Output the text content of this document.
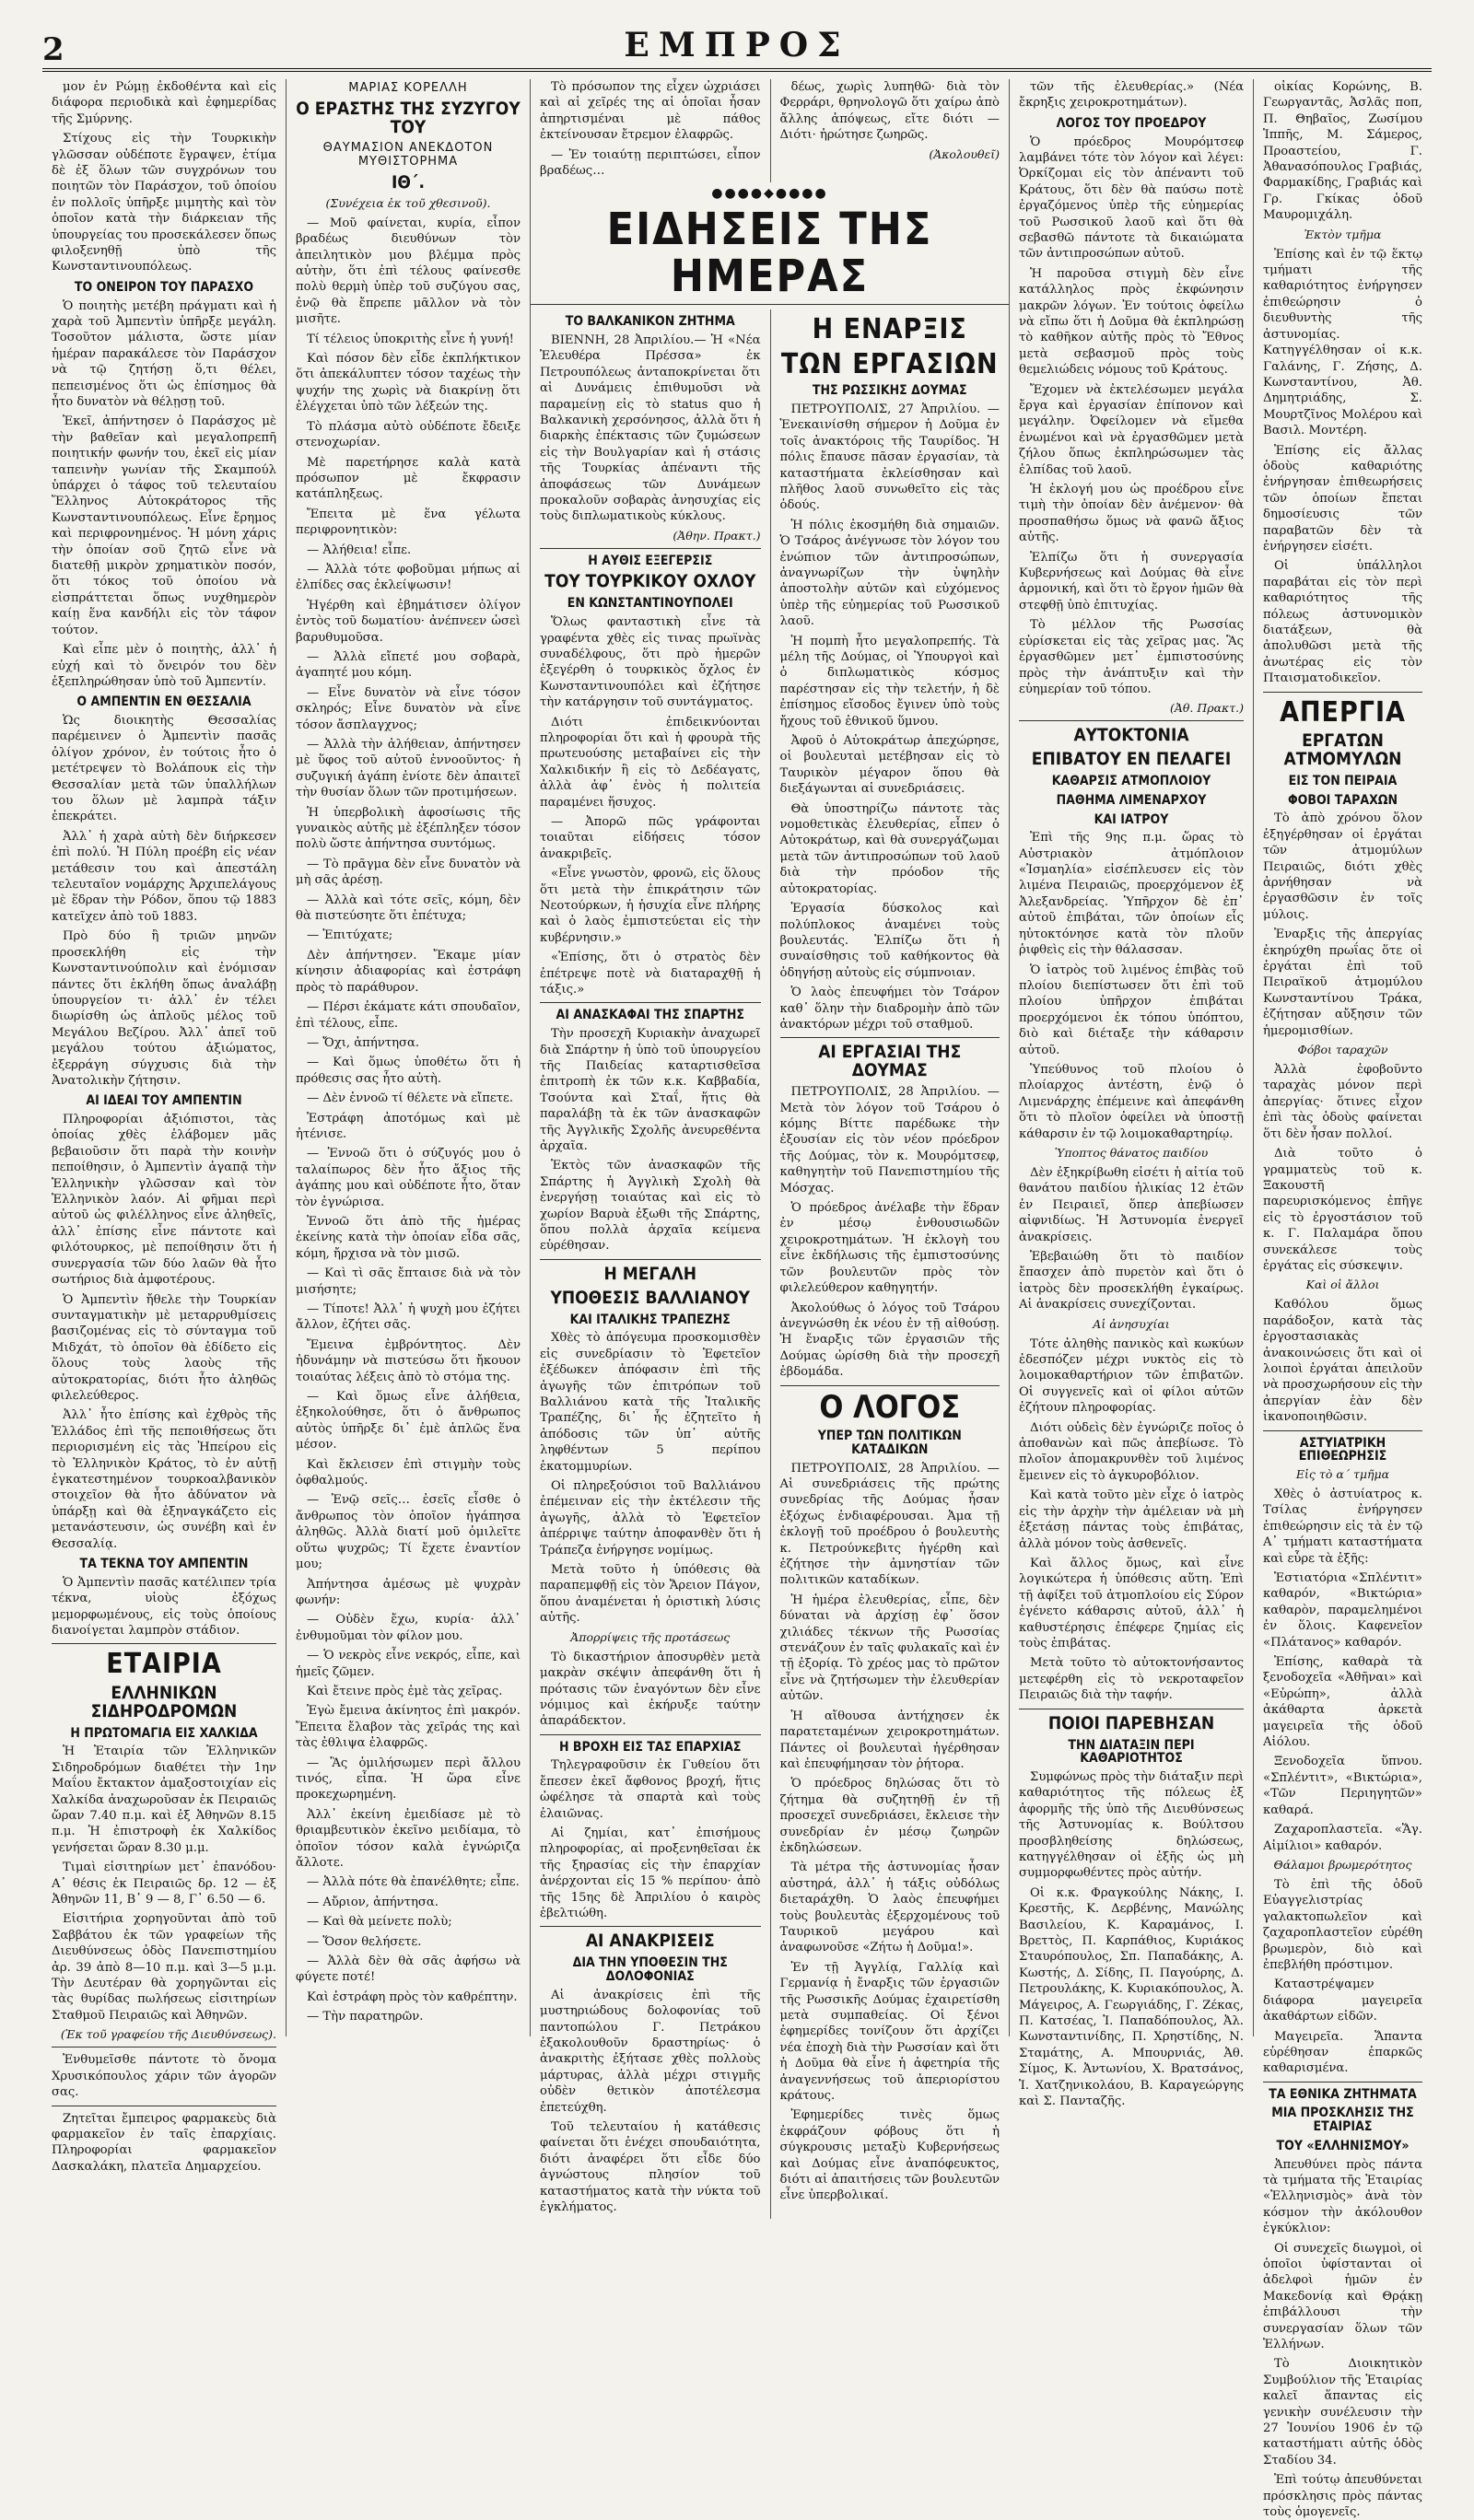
2	ΕΜΠΡΟΣ

μον ἐν Ρώμῃ ἐκδοθέντα καὶ εἰς διάφορα περιοδικὰ καὶ ἐφημερίδας τῆς Σμύρνης.

Στίχους εἰς τὴν Τουρκικὴν γλῶσσαν οὐδέποτε ἔγραψεν, ἐτίμα δὲ ἐξ ὅλων τῶν συγχρόνων του ποιητῶν τὸν Παράσχον, τοῦ ὁποίου ἐν πολλοῖς ὑπῆρξε μιμητὴς καὶ τὸν ὁποῖον κατὰ τὴν διάρκειαν τῆς ὑπουργείας του προσεκάλεσεν ὅπως φιλοξενηθῇ ὑπὸ τῆς Κωνσταντινουπόλεως.

ΤΟ ΟΝΕΙΡΟΝ ΤΟΥ ΠΑΡΑΣΧΟ

Ὁ ποιητὴς μετέβη πράγματι καὶ ἡ χαρὰ τοῦ Ἀμπεντὶν ὑπῆρξε μεγάλη. Τοσοῦτον μάλιστα, ὥστε μίαν ἡμέραν παρακάλεσε τὸν Παράσχον νὰ τῷ ζητήσῃ ὅ,τι θέλει, πεπεισμένος ὅτι ὡς ἐπίσημος θὰ ἦτο δυνατὸν νὰ θέλῃσῃ τοῦ.

Ἐκεῖ, ἀπήντησεν ὁ Παράσχος μὲ τὴν βαθεῖαν καὶ μεγαλοπρεπῆ ποιητικήν φωνήν του, ἐκεῖ εἰς μίαν ταπεινὴν γωνίαν τῆς Σκαμπούλ ὑπάρχει ὁ τάφος τοῦ τελευταίου Ἕλληνος Αὐτοκράτορος τῆς Κωνσταντινουπόλεως. Εἶνε ἔρημος καὶ περιφρονημένος. Ἡ μόνη χάρις τὴν ὁποίαν σοῦ ζητῶ εἶνε νὰ διατεθῇ μικρὸν χρηματικὸν ποσόν, ὅτι τόκος τοῦ ὁποίου νὰ εἰσπράττεται ὅπως νυχθημερὸν καίῃ ἕνα κανδήλι εἰς τὸν τάφον τούτον.

Καὶ εἶπε μὲν ὁ ποιητὴς, ἀλλ᾿ ἡ εὐχή καὶ τὸ ὄνειρόν του δὲν ἐξεπληρώθησαν ὑπὸ τοῦ Ἀμπεντίν.

Ο ΑΜΠΕΝΤΙΝ ΕΝ ΘΕΣΣΑΛΙΑ

Ὡς διοικητὴς Θεσσαλίας παρέμεινεν ὁ Ἀμπεντὶν πασᾶς ὀλίγον χρόνον, ἐν τούτοις ἦτο ὁ μετέτρεψεν τὸ Βολάπουκ εἰς τὴν Θεσσαλίαν μετὰ τῶν ὑπαλλήλων του ὅλων μὲ λαμπρὰ τάξιν ἐπεκράτει.

Ἀλλ᾿ ἡ χαρὰ αὐτὴ δὲν διήρκεσεν ἐπὶ πολύ. Ἡ Πύλη προέβη εἰς νέαν μετάθεσιν του καὶ ἀπεστάλη τελευταῖον νομάρχης Ἀρχιπελάγους μὲ ἕδραν τὴν Ρόδον, ὅπου τῷ 1883 κατεῖχεν ἀπὸ τοῦ 1883.

Πρὸ δύο ἢ τριῶν μηνῶν προσεκλήθη εἰς τὴν Κωνσταντινούπολιν καὶ ἐνόμισαν πάντες ὅτι ἐκλήθη ὅπως ἀναλάβῃ ὑπουργείον τι· ἀλλ᾿ ἐν τέλει διωρίσθη ὡς ἁπλοῦς μέλος τοῦ Μεγάλου Βεζίρου. Ἀλλ᾿ ἀπεῖ τοῦ μεγάλου τούτου ἀξιώματος, ἐξερράγη σύγχυσις διὰ τὴν Ἀνατολικὴν ζήτησιν.

ΑΙ ΙΔΕΑΙ ΤΟΥ ΑΜΠΕΝΤΙΝ

Πληροφορίαι ἀξιόπιστοι, τὰς ὁποίας χθὲς ἐλάβομεν μᾶς βεβαιοῦσιν ὅτι παρὰ τὴν κοινὴν πεποίθησιν, ὁ Ἀμπεντὶν ἀγαπᾷ τὴν Ἑλληνικὴν γλῶσσαν καὶ τὸν Ἑλληνικὸν λαόν. Αἱ φῆμαι περὶ αὐτοῦ ὡς φιλέλληνος εἶνε ἀληθεῖς, ἀλλ᾿ ἐπίσης εἶνε πάντοτε καὶ φιλότουρκος, μὲ πεποίθησιν ὅτι ἡ συνεργασία τῶν δύο λαῶν θὰ ἦτο σωτήριος διὰ ἀμφοτέρους.

Ὁ Ἀμπεντὶν ἤθελε τὴν Τουρκίαν συνταγματικὴν μὲ μεταρρυθμίσεις βασιζομένας εἰς τὸ σύνταγμα τοῦ Μιδχάτ, τὸ ὁποῖον θὰ ἐδίδετο εἰς ὅλους τοὺς λαοὺς τῆς αὐτοκρατορίας, διότι ἦτο ἀληθῶς φιλελεύθερος.

Ἀλλ᾿ ἦτο ἐπίσης καὶ ἐχθρὸς τῆς Ἑλλάδος ἐπὶ τῆς πεποιθήσεως ὅτι περιορισμένη εἰς τὰς Ἡπείρου εἰς τὸ Ἑλληνικὸν Κράτος, τὸ ἐν αὐτῇ ἐγκατεστημένον τουρκοαλβανικὸν στοιχεῖον θὰ ἦτο ἀδύνατον νὰ ὑπάρξῃ καὶ θὰ ἐξηναγκάζετο εἰς μετανάστευσιν, ὡς συνέβη καὶ ἐν Θεσσαλίᾳ.

ΤΑ ΤΕΚΝΑ ΤΟΥ ΑΜΠΕΝΤΙΝ

Ὁ Ἀμπεντὶν πασᾶς κατέλιπεν τρία τέκνα, υἱοὺς ἐξόχως μεμορφωμένους, εἰς τοὺς ὁποίους διανοίγεται λαμπρὸν στάδιον.

ΕΤΑΙΡΙΑ
ΕΛΛΗΝΙΚΩΝ ΣΙΔΗΡΟΔΡΟΜΩΝ
Η ΠΡΩΤΟΜΑΓΙΑ ΕΙΣ ΧΑΛΚΙΔΑ

Ἡ Ἑταιρία τῶν Ἑλληνικῶν Σιδηροδρόμων διαθέτει τὴν 1ην Μαΐου ἔκτακτον ἀμαξοστοιχίαν εἰς Χαλκίδα ἀναχωροῦσαν ἐκ Πειραιῶς ὥραν 7.40 π.μ. καὶ ἐξ Ἀθηνῶν 8.15 π.μ. Ἡ ἐπιστροφὴ ἐκ Χαλκίδος γενήσεται ὥραν 8.30 μ.μ.

Τιμαὶ εἰσιτηρίων μετ᾿ ἐπανόδου· Α᾿ θέσις ἐκ Πειραιῶς δρ. 12 — ἐξ Ἀθηνῶν 11, Β᾿ 9 — 8, Γ᾿ 6.50 — 6.

Εἰσιτήρια χορηγοῦνται ἀπὸ τοῦ Σαββάτου ἐκ τῶν γραφείων τῆς Διευθύνσεως ὁδὸς Πανεπιστημίου ἀρ. 39 ἀπὸ 8—10 π.μ. καὶ 3—5 μ.μ. Τὴν Δευτέραν θὰ χορηγῶνται εἰς τὰς θυρίδας πωλήσεως εἰσιτηρίων Σταθμοῦ Πειραιῶς καὶ Ἀθηνῶν.

(Ἐκ τοῦ γραφείου τῆς Διευθύνσεως).

Ἐνθυμεῖσθε πάντοτε τὸ ὄνομα Χρυσικόπουλος χάριν τῶν ἀγορῶν σας.

Ζητεῖται ἔμπειρος φαρμακεὺς διὰ φαρμακεῖον ἐν ταῖς ἐπαρχίαις. Πληροφορίαι φαρμακεῖον Δασκαλάκη, πλατεῖα Δημαρχείου.

ΜΑΡΙΑΣ ΚΟΡΕΛΛΗ
Ο ΕΡΑΣΤΗΣ ΤΗΣ ΣΥΖΥΓΟΥ ΤΟΥ
ΘΑΥΜΑΣΙΟΝ ΑΝΕΚΔΟΤΟΝ ΜΥΘΙΣΤΟΡΗΜΑ
ΙΘ´.
(Συνέχεια ἐκ τοῦ χθεσινοῦ).

— Μοῦ φαίνεται, κυρία, εἶπον βραδέως διευθύνων τὸν ἀπειλητικὸν μου βλέμμα πρὸς αὐτὴν, ὅτι ἐπὶ τέλους φαίνεσθε πολὺ θερμὴ ὑπὲρ τοῦ συζύγου σας, ἐνῷ θὰ ἔπρεπε μᾶλλον νὰ τὸν μισῆτε.

Τί τέλειος ὑποκριτὴς εἶνε ἡ γυνή!

Καὶ πόσον δὲν εἶδε ἐκπλήκτικον ὅτι ἀπεκάλυπτεν τόσον ταχέως τὴν ψυχήν της χωρὶς νὰ διακρίνῃ ὅτι ἐλέγχεται ὑπὸ τῶν λέξεών της.

Τὸ πλάσμα αὐτὸ οὐδέποτε ἔδειξε στενοχωρίαν.

Μὲ παρετήρησε καλὰ κατὰ πρόσωπον μὲ ἔκφρασιν κατάπληξεως.

Ἔπειτα μὲ ἕνα γέλωτα περιφρονητικὸν:

— Ἀλήθεια! εἶπε.

— Ἀλλὰ τότε φοβοῦμαι μήπως αἱ ἐλπίδες σας ἐκλείψωσιν!

Ἠγέρθη καὶ ἐβημάτισεν ὀλίγον ἐντὸς τοῦ δωματίου· ἀνέπνεεν ὡσεὶ βαρυθυμοῦσα.

— Ἀλλὰ εἴπετέ μου σοβαρὰ, ἀγαπητέ μου κόμη.

— Εἶνε δυνατὸν νὰ εἶνε τόσον σκληρός; Εἶνε δυνατὸν νὰ εἶνε τόσον ἄσπλαγχνος;

— Ἀλλὰ τὴν ἀλήθειαν, ἀπήντησεν μὲ ὕφος τοῦ αὐτοῦ ἐννοοῦντος· ἡ συζυγική ἀγάπη ἐνίοτε δὲν ἀπαιτεῖ τὴν θυσίαν ὅλων τῶν προτιμήσεων.

Ἡ ὑπερβολικὴ ἀφοσίωσις τῆς γυναικὸς αὐτῆς μὲ ἐξέπληξεν τόσον πολὺ ὥστε ἀπήντησα συντόμως.

— Τὸ πρᾶγμα δὲν εἶνε δυνατὸν νὰ μὴ σᾶς ἀρέσῃ.

— Ἀλλὰ καὶ τότε σεῖς, κόμη, δὲν θὰ πιστεύσητε ὅτι ἐπέτυχα;

— Ἐπιτύχατε;

Δὲν ἀπήντησεν. Ἔκαμε μίαν κίνησιν ἀδιαφορίας καὶ ἐστράφη πρὸς τὸ παράθυρον.

— Πέρσι ἐκάματε κάτι σπουδαῖον, ἐπὶ τέλους, εἶπε.

— Ὄχι, ἀπήντησα.

— Καὶ ὅμως ὑποθέτω ὅτι ἡ πρόθεσις σας ἦτο αὐτὴ.

— Δὲν ἐννοῶ τί θέλετε νὰ εἴπετε.

Ἐστράφη ἀποτόμως καὶ μὲ ἠτένισε.

— Ἐννοῶ ὅτι ὁ σύζυγός μου ὁ ταλαίπωρος δὲν ἦτο ἄξιος τῆς ἀγάπης μου καὶ οὐδέποτε ἦτο, ὅταν τὸν ἐγνώρισα.

Ἐννοῶ ὅτι ἀπὸ τῆς ἡμέρας ἐκείνης κατὰ τὴν ὁποίαν εἶδα σᾶς, κόμη, ἤρχισα νὰ τὸν μισῶ.

— Καὶ τὶ σᾶς ἔπταισε διὰ νὰ τὸν μισήσητε;

— Τίποτε! Ἀλλ᾿ ἡ ψυχὴ μου ἐζήτει ἄλλον, ἐζήτει σᾶς.

Ἔμεινα ἐμβρόντητος. Δὲν ἠδυνάμην νὰ πιστεύσω ὅτι ἤκουον τοιαύτας λέξεις ἀπὸ τὸ στόμα της.

— Καὶ ὅμως εἶνε ἀλήθεια, ἐξηκολούθησε, ὅτι ὁ ἄνθρωπος αὐτὸς ὑπῆρξε δι᾿ ἐμὲ ἁπλῶς ἕνα μέσον.

Καὶ ἔκλεισεν ἐπὶ στιγμὴν τοὺς ὀφθαλμούς.

— Ἐνῷ σεῖς… ἐσεῖς εἶσθε ὁ ἄνθρωπος τὸν ὁποῖον ἠγάπησα ἀληθῶς. Ἀλλὰ διατί μοῦ ὁμιλεῖτε οὕτω ψυχρῶς; Τί ἔχετε ἐναντίον μου;

Ἀπήντησα ἀμέσως μὲ ψυχρὰν φωνήν:

— Οὐδὲν ἔχω, κυρία· ἀλλ᾿ ἐνθυμοῦμαι τὸν φίλον μου.

— Ὁ νεκρὸς εἶνε νεκρός, εἶπε, καὶ ἡμεῖς ζῶμεν.

Καὶ ἔτεινε πρὸς ἐμὲ τὰς χεῖρας.

Ἐγὼ ἔμεινα ἀκίνητος ἐπὶ μακρόν. Ἔπειτα ἔλαβον τὰς χεῖράς της καὶ τὰς ἐθλιψα ἐλαφρῶς.

— Ἂς ὁμιλήσωμεν περὶ ἄλλου τινός, εἶπα. Ἡ ὥρα εἶνε προκεχωρημένη.

Ἀλλ᾿ ἐκείνη ἐμειδίασε μὲ τὸ θριαμβευτικὸν ἐκεῖνο μειδίαμα, τὸ ὁποῖον τόσον καλὰ ἐγνώριζα ἄλλοτε.

— Ἀλλὰ πότε θὰ ἐπανέλθητε; εἶπε.

— Αὔριον, ἀπήντησα.

— Καὶ θὰ μείνετε πολὺ;

— Ὅσον θελήσετε.

— Ἀλλὰ δὲν θὰ σᾶς ἀφήσω νὰ φύγετε ποτέ!

Καὶ ἐστράφη πρὸς τὸν καθρέπτην.

— Τὴν παρατηρῶν.

Τὸ πρόσωπον της εἶχεν ὠχριάσει καὶ αἱ χεῖρές της αἱ ὁποῖαι ἦσαν ἀπηρτισμέναι μὲ πάθος ἐκτείνουσαν ἔτρεμον ἐλαφρῶς.

— Ἐν τοιαύτῃ περιπτώσει, εἶπον βραδέως…

δέως, χωρὶς λυπηθῶ· διὰ τὸν Φερράρι, θρηνολογῶ ὅτι χαίρω ἀπὸ ἄλλης ἀπόψεως, εἴτε διότι — Διότι· ἠρώτησε ζωηρῶς.

(Ἀκολουθεῖ)
●●●●◆●●●●
ΕΙΔΗΣΕΙΣ ΤΗΣ ΗΜΕΡΑΣ
ΤΟ ΒΑΛΚΑΝΙΚΟΝ ΖΗΤΗΜΑ

ΒΙΕΝΝΗ, 28 Ἀπριλίου.— Ἡ «Νέα Ἐλευθέρα Πρέσσα» ἐκ Πετρουπόλεως ἀνταποκρίνεται ὅτι αἱ Δυνάμεις ἐπιθυμοῦσι νὰ παραμείνῃ εἰς τὸ status quo ἡ Βαλκανικὴ χερσόνησος, ἀλλὰ ὅτι ἡ διαρκὴς ἐπέκτασις τῶν ζυμώσεων εἰς τὴν Βουλγαρίαν καὶ ἡ στάσις τῆς Τουρκίας ἀπέναντι τῆς ἀποφάσεως τῶν Δυνάμεων προκαλοῦν σοβαρὰς ἀνησυχίας εἰς τοὺς διπλωματικοὺς κύκλους.

(Ἀθην. Πρακτ.)
Η ΑΥΘΙΣ ΕΞΕΓΕΡΣΙΣ
ΤΟΥ ΤΟΥΡΚΙΚΟΥ ΟΧΛΟΥ
ΕΝ ΚΩΝΣΤΑΝΤΙΝΟΥΠΟΛΕΙ

Ὅλως φανταστικὴ εἶνε τὰ γραφέντα χθὲς εἰς τινας πρωϊνὰς συναδέλφους, ὅτι πρὸ ἡμερῶν ἐξεγέρθη ὁ τουρκικὸς ὄχλος ἐν Κωνσταντινουπόλει καὶ ἐζήτησε τὴν κατάργησιν τοῦ συντάγματος.

Διότι ἐπιδεικνύονται πληροφορίαι ὅτι καὶ ἡ φρουρὰ τῆς πρωτευούσης μεταβαίνει εἰς τὴν Χαλκιδικήν ἢ εἰς τὸ Δεδέαγατς, ἀλλὰ ἀφ᾿ ἑνὸς ἡ πολιτεία παραμένει ἥσυχος.

— Ἀπορῶ πῶς γράφονται τοιαῦται εἰδήσεις τόσον ἀνακριβεῖς.

«Εἶνε γνωστὸν, φρονῶ, εἰς ὅλους ὅτι μετὰ τὴν ἐπικράτησιν τῶν Νεοτούρκων, ἡ ἡσυχία εἶνε πλήρης καὶ ὁ λαὸς ἐμπιστεύεται εἰς τὴν κυβέρνησιν.»

«Ἐπίσης, ὅτι ὁ στρατὸς δὲν ἐπέτρεψε ποτὲ νὰ διαταραχθῇ ἡ τάξις.»

ΑΙ ΑΝΑΣΚΑΦΑΙ ΤΗΣ ΣΠΑΡΤΗΣ

Τὴν προσεχῆ Κυριακὴν ἀναχωρεῖ διὰ Σπάρτην ἡ ὑπὸ τοῦ ὑπουργείου τῆς Παιδείας καταρτισθεῖσα ἐπιτροπὴ ἐκ τῶν κ.κ. Καββαδία, Τσούντα καὶ Σταΐ, ἥτις θὰ παραλάβῃ τὰ ἐκ τῶν ἀνασκαφῶν τῆς Ἀγγλικῆς Σχολῆς ἀνευρεθέντα ἀρχαῖα.

Ἐκτὸς τῶν ἀνασκαφῶν τῆς Σπάρτης ἡ Ἀγγλικὴ Σχολὴ θὰ ἐνεργήσῃ τοιαύτας καὶ εἰς τὸ χωρίον Βαρυὰ ἐξωθι τῆς Σπάρτης, ὅπου πολλὰ ἀρχαῖα κείμενα εὑρέθησαν.

Η ΜΕΓΑΛΗ
ΥΠΟΘΕΣΙΣ ΒΑΛΛΙΑΝΟΥ
ΚΑΙ ΙΤΑΛΙΚΗΣ ΤΡΑΠΕΖΗΣ

Χθὲς τὸ ἀπόγευμα προσκομισθὲν εἰς συνεδρίασιν τὸ Ἐφετεῖον ἐξέδωκεν ἀπόφασιν ἐπὶ τῆς ἀγωγῆς τῶν ἐπιτρόπων τοῦ Βαλλιάνου κατὰ τῆς Ἰταλικῆς Τραπέζης, δι᾿ ἧς ἐζητεῖτο ἡ ἀπόδοσις τῶν ὑπ᾿ αὐτῆς ληφθέντων 5 περίπου ἑκατομμυρίων.

Οἱ πληρεξούσιοι τοῦ Βαλλιάνου ἐπέμειναν εἰς τὴν ἐκτέλεσιν τῆς ἀγωγῆς, ἀλλὰ τὸ Ἐφετεῖον ἀπέρριψε ταύτην ἀποφανθὲν ὅτι ἡ Τράπεζα ἐνήργησε νομίμως.

Μετὰ τοῦτο ἡ ὑπόθεσις θὰ παραπεμφθῇ εἰς τὸν Ἄρειον Πάγον, ὅπου ἀναμένεται ἡ ὁριστικὴ λύσις αὐτῆς.

Ἀπορρίψεις τῆς προτάσεως

Τὸ δικαστήριον ἀποσυρθὲν μετὰ μακρὰν σκέψιν ἀπεφάνθη ὅτι ἡ πρότασις τῶν ἐναγόντων δὲν εἶνε νόμιμος καὶ ἐκήρυξε ταύτην ἀπαράδεκτον.

Η ΒΡΟΧΗ ΕΙΣ ΤΑΣ ΕΠΑΡΧΙΑΣ

Τηλεγραφοῦσιν ἐκ Γυθείου ὅτι ἔπεσεν ἐκεῖ ἄφθονος βροχή, ἥτις ὠφέλησε τὰ σπαρτὰ καὶ τοὺς ἐλαιῶνας.

Αἱ ζημίαι, κατ᾿ ἐπισήμους πληροφορίας, αἱ προξενηθεῖσαι ἐκ τῆς ξηρασίας εἰς τὴν ἐπαρχίαν ἀνέρχονται εἰς 15 % περίπου· ἀπὸ τῆς 15ης δὲ Ἀπριλίου ὁ καιρὸς ἐβελτιώθη.

ΑΙ ΑΝΑΚΡΙΣΕΙΣ
ΔΙΑ ΤΗΝ ΥΠΟΘΕΣΙΝ ΤΗΣ ΔΟΛΟΦΟΝΙΑΣ

Αἱ ἀνακρίσεις ἐπὶ τῆς μυστηριώδους δολοφονίας τοῦ παντοπώλου Γ. Πετράκου ἐξακολουθοῦν δραστηρίως· ὁ ἀνακριτὴς ἐξήτασε χθὲς πολλοὺς μάρτυρας, ἀλλὰ μέχρι στιγμῆς οὐδὲν θετικὸν ἀποτέλεσμα ἐπετεύχθη.

Τοῦ τελευταίου ἡ κατάθεσις φαίνεται ὅτι ἐνέχει σπουδαιότητα, διότι ἀναφέρει ὅτι εἶδε δύο ἀγνώστους πλησίον τοῦ καταστήματος κατὰ τὴν νύκτα τοῦ ἐγκλήματος.

Η ΕΝΑΡΞΙΣ
ΤΩΝ ΕΡΓΑΣΙΩΝ
ΤΗΣ ΡΩΣΣΙΚΗΣ ΔΟΥΜΑΣ

ΠΕΤΡΟΥΠΟΛΙΣ, 27 Ἀπριλίου. — Ἐνεκαινίσθη σήμερον ἡ Δοῦμα ἐν τοῖς ἀνακτόροις τῆς Ταυρίδος. Ἡ πόλις ἔπαυσε πᾶσαν ἐργασίαν, τὰ καταστήματα ἐκλείσθησαν καὶ πλῆθος λαοῦ συνωθεῖτο εἰς τὰς ὁδούς.

Ἡ πόλις ἐκοσμήθη διὰ σημαιῶν. Ὁ Τσάρος ἀνέγνωσε τὸν λόγον του ἐνώπιον τῶν ἀντιπροσώπων, ἀναγνωρίζων τὴν ὑψηλὴν ἀποστολὴν αὐτῶν καὶ εὐχόμενος ὑπὲρ τῆς εὐημερίας τοῦ Ρωσσικοῦ λαοῦ.

Ἡ πομπὴ ἦτο μεγαλοπρεπής. Τὰ μέλη τῆς Δούμας, οἱ Ὑπουργοὶ καὶ ὁ διπλωματικὸς κόσμος παρέστησαν εἰς τὴν τελετήν, ἡ δὲ ἐπίσημος εἴσοδος ἔγινεν ὑπὸ τοὺς ἤχους τοῦ ἐθνικοῦ ὕμνου.

Ἀφοῦ ὁ Αὐτοκράτωρ ἀπεχώρησε, οἱ βουλευταὶ μετέβησαν εἰς τὸ Ταυρικὸν μέγαρον ὅπου θὰ διεξάγωνται αἱ συνεδριάσεις.

Θὰ ὑποστηρίζω πάντοτε τὰς νομοθετικὰς ἐλευθερίας, εἶπεν ὁ Αὐτοκράτωρ, καὶ θὰ συνεργάζωμαι μετὰ τῶν ἀντιπροσώπων τοῦ λαοῦ διὰ τὴν πρόοδον τῆς αὐτοκρατορίας.

Ἐργασία δύσκολος καὶ πολύπλοκος ἀναμένει τοὺς βουλευτάς. Ἐλπίζω ὅτι ἡ συναίσθησις τοῦ καθήκοντος θὰ ὁδηγήσῃ αὐτοὺς εἰς σύμπνοιαν.

Ὁ λαὸς ἐπευφήμει τὸν Τσάρον καθ᾿ ὅλην τὴν διαδρομὴν ἀπὸ τῶν ἀνακτόρων μέχρι τοῦ σταθμοῦ.

ΑΙ ΕΡΓΑΣΙΑΙ ΤΗΣ ΔΟΥΜΑΣ

ΠΕΤΡΟΥΠΟΛΙΣ, 28 Ἀπριλίου. — Μετὰ τὸν λόγον τοῦ Τσάρου ὁ κόμης Βίττε παρέδωκε τὴν ἐξουσίαν εἰς τὸν νέον πρόεδρον τῆς Δούμας, τὸν κ. Μουρόμτσεφ, καθηγητὴν τοῦ Πανεπιστημίου τῆς Μόσχας.

Ὁ πρόεδρος ἀνέλαβε τὴν ἕδραν ἐν μέσῳ ἐνθουσιωδῶν χειροκροτημάτων. Ἡ ἐκλογὴ του εἶνε ἐκδήλωσις τῆς ἐμπιστοσύνης τῶν βουλευτῶν πρὸς τὸν φιλελεύθερον καθηγητήν.

Ἀκολούθως ὁ λόγος τοῦ Τσάρου ἀνεγνώσθη ἐκ νέου ἐν τῇ αἰθούσῃ. Ἡ ἔναρξις τῶν ἐργασιῶν τῆς Δούμας ὡρίσθη διὰ τὴν προσεχῆ ἑβδομάδα.

Ο ΛΟΓΟΣ
ΥΠΕΡ ΤΩΝ ΠΟΛΙΤΙΚΩΝ ΚΑΤΑΔΙΚΩΝ

ΠΕΤΡΟΥΠΟΛΙΣ, 28 Ἀπριλίου. — Αἱ συνεδριάσεις τῆς πρώτης συνεδρίας τῆς Δούμας ἦσαν ἐξόχως ἐνδιαφέρουσαι. Ἀμα τῇ ἐκλογῇ τοῦ προέδρου ὁ βουλευτὴς κ. Πετρούνκεβιτς ἠγέρθη καὶ ἐζήτησε τὴν ἀμνηστίαν τῶν πολιτικῶν καταδίκων.

Ἡ ἡμέρα ἐλευθερίας, εἶπε, δὲν δύναται νὰ ἀρχίσῃ ἐφ᾿ ὅσον χιλιάδες τέκνων τῆς Ρωσσίας στενάζουν ἐν ταῖς φυλακαῖς καὶ ἐν τῇ ἐξορίᾳ. Τὸ χρέος μας τὸ πρῶτον εἶνε νὰ ζητήσωμεν τὴν ἐλευθερίαν αὐτῶν.

Ἡ αἴθουσα ἀντήχησεν ἐκ παρατεταμένων χειροκροτημάτων. Πάντες οἱ βουλευταὶ ἠγέρθησαν καὶ ἐπευφήμησαν τὸν ῥήτορα.

Ὁ πρόεδρος δηλώσας ὅτι τὸ ζήτημα θὰ συζητηθῇ ἐν τῇ προσεχεῖ συνεδριάσει, ἔκλεισε τὴν συνεδρίαν ἐν μέσῳ ζωηρῶν ἐκδηλώσεων.

Τὰ μέτρα τῆς ἀστυνομίας ἦσαν αὐστηρά, ἀλλ᾿ ἡ τάξις οὐδόλως διεταράχθη. Ὁ λαὸς ἐπευφήμει τοὺς βουλευτὰς ἐξερχομένους τοῦ Ταυρικοῦ μεγάρου καὶ ἀναφωνοῦσε «Ζήτω ἡ Δοῦμα!».

Ἐν τῇ Ἀγγλίᾳ, Γαλλίᾳ καὶ Γερμανίᾳ ἡ ἔναρξις τῶν ἐργασιῶν τῆς Ρωσσικῆς Δούμας ἐχαιρετίσθη μετὰ συμπαθείας. Οἱ ξένοι ἐφημερίδες τονίζουν ὅτι ἀρχίζει νέα ἐποχὴ διὰ τὴν Ρωσσίαν καὶ ὅτι ἡ Δοῦμα θὰ εἶνε ἡ ἀφετηρία τῆς ἀναγεννήσεως τοῦ ἀπεριορίστου κράτους.

Ἐφημερίδες τινὲς ὅμως ἐκφράζουν φόβους ὅτι ἡ σύγκρουσις μεταξὺ Κυβερνήσεως καὶ Δούμας εἶνε ἀναπόφευκτος, διότι αἱ ἀπαιτήσεις τῶν βουλευτῶν εἶνε ὑπερβολικαί.

τῶν τῆς ἐλευθερίας.» (Νέα ἔκρηξις χειροκροτημάτων).

ΛΟΓΟΣ ΤΟΥ ΠΡΟΕΔΡΟΥ

Ὁ πρόεδρος Μουρόμτσεφ λαμβάνει τότε τὸν λόγον καὶ λέγει: Ὀρκίζομαι εἰς τὸν ἀπέναντι τοῦ Κράτους, ὅτι δὲν θὰ παύσω ποτὲ ἐργαζόμενος ὑπὲρ τῆς εὐημερίας τοῦ Ρωσσικοῦ λαοῦ καὶ ὅτι θὰ σεβασθῶ πάντοτε τὰ δικαιώματα τῶν ἀντιπροσώπων αὐτοῦ.

Ἡ παροῦσα στιγμὴ δὲν εἶνε κατάλληλος πρὸς ἐκφώνησιν μακρῶν λόγων. Ἐν τούτοις ὀφείλω νὰ εἴπω ὅτι ἡ Δοῦμα θὰ ἐκπληρώσῃ τὸ καθῆκον αὐτῆς πρὸς τὸ Ἔθνος μετὰ σεβασμοῦ πρὸς τοὺς θεμελιώδεις νόμους τοῦ Κράτους.

Ἔχομεν νὰ ἐκτελέσωμεν μεγάλα ἔργα καὶ ἐργασίαν ἐπίπονον καὶ μεγάλην. Ὀφείλομεν νὰ εἴμεθα ἑνωμένοι καὶ νὰ ἐργασθῶμεν μετὰ ζήλου ὅπως ἐκπληρώσωμεν τὰς ἐλπίδας τοῦ λαοῦ.

Ἡ ἐκλογή μου ὡς προέδρου εἶνε τιμὴ τὴν ὁποίαν δὲν ἀνέμενον· θὰ προσπαθήσω ὅμως νὰ φανῶ ἄξιος αὐτῆς.

Ἐλπίζω ὅτι ἡ συνεργασία Κυβερνήσεως καὶ Δούμας θὰ εἶνε ἁρμονική, καὶ ὅτι τὸ ἔργον ἡμῶν θὰ στεφθῇ ὑπὸ ἐπιτυχίας.

Τὸ μέλλον τῆς Ρωσσίας εὑρίσκεται εἰς τὰς χεῖρας μας. Ἂς ἐργασθῶμεν μετ᾿ ἐμπιστοσύνης πρὸς τὴν ἀνάπτυξιν καὶ τὴν εὐημερίαν τοῦ τόπου.

(Ἀθ. Πρακτ.)
ΑΥΤΟΚΤΟΝΙΑ
ΕΠΙΒΑΤΟΥ ΕΝ ΠΕΛΑΓΕΙ
ΚΑΘΑΡΣΙΣ ΑΤΜΟΠΛΟΙΟΥ
ΠΑΘΗΜΑ ΛΙΜΕΝΑΡΧΟΥ
ΚΑΙ ΙΑΤΡΟΥ

Ἐπὶ τῆς 9ης π.μ. ὥρας τὸ Αὐστριακὸν ἀτμόπλοιον «Ἰσμαηλία» εἰσέπλευσεν εἰς τὸν λιμένα Πειραιῶς, προερχόμενον ἐξ Ἀλεξανδρείας. Ὑπῆρχον δὲ ἐπ᾿ αὐτοῦ ἐπιβάται, τῶν ὁποίων εἷς ηὐτοκτόνησε κατὰ τὸν πλοῦν ῥιφθεὶς εἰς τὴν θάλασσαν.

Ὁ ἰατρὸς τοῦ λιμένος ἐπιβὰς τοῦ πλοίου διεπίστωσεν ὅτι ἐπὶ τοῦ πλοίου ὑπῆρχον ἐπιβάται προερχόμενοι ἐκ τόπου ὑπόπτου, διὸ καὶ διέταξε τὴν κάθαρσιν αὐτοῦ.

Ὑπεύθυνος τοῦ πλοίου ὁ πλοίαρχος ἀντέστη, ἐνῷ ὁ Λιμενάρχης ἐπέμεινε καὶ ἀπεφάνθη ὅτι τὸ πλοῖον ὀφείλει νὰ ὑποστῇ κάθαρσιν ἐν τῷ λοιμοκαθαρτηρίῳ.

Ὑποπτος θάνατος παιδίου

Δὲν ἐξηκρίβωθη εἰσέτι ἡ αἰτία τοῦ θανάτου παιδίου ἡλικίας 12 ἐτῶν ἐν Πειραιεῖ, ὅπερ ἀπεβίωσεν αἰφνιδίως. Ἡ Ἀστυνομία ἐνεργεῖ ἀνακρίσεις.

Ἐβεβαιώθη ὅτι τὸ παιδίον ἔπασχεν ἀπὸ πυρετὸν καὶ ὅτι ὁ ἰατρὸς δὲν προσεκλήθη ἐγκαίρως. Αἱ ἀνακρίσεις συνεχίζονται.

Αἱ ἀνησυχίαι

Τότε ἀληθὴς πανικὸς καὶ κωκύων ἐδεσπόζεν μέχρι νυκτὸς εἰς τὸ λοιμοκαθαρτήριον τῶν ἐπιβατῶν. Οἱ συγγενεῖς καὶ οἱ φίλοι αὐτῶν ἐζήτουν πληροφορίας.

Διότι οὐδεὶς δὲν ἐγνώριζε ποῖος ὁ ἀποθανὼν καὶ πῶς ἀπεβίωσε. Τὸ πλοῖον ἀπομακρυνθὲν τοῦ λιμένος ἔμεινεν εἰς τὸ ἀγκυροβόλιον.

Καὶ κατὰ τοῦτο μὲν εἶχε ὁ ἰατρὸς εἰς τὴν ἀρχὴν τὴν ἀμέλειαν νὰ μὴ ἐξετάσῃ πάντας τοὺς ἐπιβάτας, ἀλλὰ μόνον τοὺς ἀσθενεῖς.

Καὶ ἄλλος ὅμως, καὶ εἶνε λογικώτερα ἡ ὑπόθεσις αὕτη. Ἐπὶ τῇ ἀφίξει τοῦ ἀτμοπλοίου εἰς Σύρον ἐγένετο κάθαρσις αὐτοῦ, ἀλλ᾿ ἡ καθυστέρησις ἐπέφερε ζημίας εἰς τοὺς ἐπιβάτας.

Μετὰ τοῦτο τὸ αὐτοκτονήσαντος μετεφέρθη εἰς τὸ νεκροταφεῖον Πειραιῶς διὰ τὴν ταφήν.

ΠΟΙΟΙ ΠΑΡΕΒΗΣΑΝ
ΤΗΝ ΔΙΑΤΑΞΙΝ ΠΕΡΙ ΚΑΘΑΡΙΟΤΗΤΟΣ

Συμφώνως πρὸς τὴν διάταξιν περὶ καθαριότητος τῆς πόλεως ἐξ ἀφορμῆς τῆς ὑπὸ τῆς Διευθύνσεως τῆς Ἀστυνομίας κ. Βούλτσου προσβληθείσης δηλώσεως, κατηγγέλθησαν οἱ ἑξῆς ὡς μὴ συμμορφωθέντες πρὸς αὐτήν.

Οἱ κ.κ. Φραγκούλης Νάκης, I. Κρεστῆς, Κ. Δερβένης, Μανώλης Βασιλείου, Κ. Καραμάνος, Ι. Βρεττὸς, Π. Καρπάθιος, Κυριάκος Σταυρόπουλος, Σπ. Παπαδάκης, Α. Κωστής, Δ. Σίδης, Π. Παγούρης, Δ. Πετρουλάκης, Κ. Κυριακόπουλος, Ἀ. Μάγειρος, Α. Γεωργιάδης, Γ. Ζέκας, Π. Κατσέας, Ἰ. Παπαδόπουλος, Ἀλ. Κωνσταντινίδης, Π. Χρηστίδης, Ν. Σταμάτης, Α. Μπουρνιάς, Ἀθ. Σίμος, Κ. Ἀντωνίου, Χ. Βρατσάνος, Ἰ. Χατζηνικολάου, Β. Καραγεώργης καὶ Σ. Πανταζῆς.

οἰκίας Κορώνης, Β. Γεωργαντᾶς, Ἀσλᾶς ποπ, Π. Θηβαῖος, Ζωσίμου Ἱππῆς, Μ. Σάμερος, Προαστείου, Γ. Ἀθανασόπουλος Γραβιάς, Φαρμακίδης, Γραβιάς καὶ Γρ. Γκίκας ὁδοῦ Μαυρομιχάλη.

Ἐκτὸν τμῆμα

Ἐπίσης καὶ ἐν τῷ ἕκτῳ τμήματι τῆς καθαριότητος ἐνήργησεν ἐπιθεώρησιν ὁ διευθυντὴς τῆς ἀστυνομίας. Κατηγγέλθησαν οἱ κ.κ. Γαλάνης, Γ. Ζήσης, Δ. Κωνσταντίνου, Ἀθ. Δημητριάδης, Σ. Μουρτζῖνος Μολέρου καὶ Βασιλ. Μοντέρη.

Ἐπίσης εἰς ἄλλας ὁδοὺς καθαριότης ἐνήργησαν ἐπιθεωρήσεις τῶν ὁποίων ἔπεται δημοσίευσις τῶν παραβατῶν δὲν τὰ ἐνήργησεν εἰσέτι.

Οἱ ὑπάλληλοι παραβάται εἰς τὸν περὶ καθαριότητος τῆς πόλεως ἀστυνομικὸν διατάξεων, θὰ ἀπολυθῶσι μετὰ τῆς ἀνωτέρας εἰς τὸν Πταισματοδικεῖον.

ΑΠΕΡΓΙΑ
ΕΡΓΑΤΩΝ ΑΤΜΟΜΥΛΩΝ
ΕΙΣ ΤΟΝ ΠΕΙΡΑΙΑ
ΦΟΒΟΙ ΤΑΡΑΧΩΝ

Τὸ ἀπὸ χρόνου ὅλον ἐξηγέρθησαν οἱ ἐργάται τῶν ἀτμομύλων Πειραιῶς, διότι χθὲς ἀρνήθησαν νὰ ἐργασθῶσιν ἐν τοῖς μύλοις.

Ἐναρξις τῆς ἀπεργίας ἐκηρύχθη πρωΐας ὅτε οἱ ἐργάται ἐπὶ τοῦ Πειραϊκοῦ ἀτμομύλου Κωνσταντίνου Τράκα, ἐζήτησαν αὔξησιν τῶν ἡμερομισθίων.

Φόβοι ταραχῶν

Ἀλλὰ ἐφοβοῦντο ταραχὰς μόνον περὶ ἀπεργίας· ὅτινες εἶχον ἐπὶ τὰς ὁδοὺς φαίνεται ὅτι δὲν ἦσαν πολλοί.

Διὰ τοῦτο ὁ γραμματεὺς τοῦ κ. Ξακουστῆ παρευρισκόμενος ἐπῆγε εἰς τὸ ἐργοστάσιον τοῦ κ. Γ. Παλαμάρα ὅπου συνεκάλεσε τοὺς ἐργάτας εἰς σύσκεψιν.

Καὶ οἱ ἄλλοι

Καθόλου ὅμως παράδοξον, κατὰ τὰς ἐργοστασιακὰς ἀνακοινώσεις ὅτι καὶ οἱ λοιποὶ ἐργάται ἀπειλοῦν νὰ προσχωρήσουν εἰς τὴν ἀπεργίαν ἐὰν δὲν ἱκανοποιηθῶσιν.

ΑΣΤΥΙΑΤΡΙΚΗ ΕΠΙΘΕΩΡΗΣΙΣ
Εἰς τὸ α´ τμῆμα

Χθὲς ὁ ἀστυίατρος κ. Τσίλας ἐνήργησεν ἐπιθεώρησιν εἰς τὰ ἐν τῷ Α᾿ τμήματι καταστήματα καὶ εὗρε τὰ ἑξῆς:

Ἐστιατόρια «Σπλέντιτ» καθαρόν, «Βικτώρια» καθαρὸν, παραμελημένοι ἐν ὅλοις. Καφενεῖον «Πλάτανος» καθαρόν.

Ἐπίσης, καθαρὰ τὰ ξενοδοχεῖα «Ἀθῆναι» καὶ «Εὐρώπη», ἀλλὰ ἀκάθαρτα ἀρκετὰ μαγειρεῖα τῆς ὁδοῦ Αἰόλου.

Ξενοδοχεῖα ὕπνου. «Σπλέντιτ», «Βικτώρια», «Τῶν Περιηγητῶν» καθαρά.

Ζαχαροπλαστεῖα. «Ἅγ. Αἰμίλιοι» καθαρόν.

Θάλαμοι βρωμερότητος

Τὸ ἐπὶ τῆς ὁδοῦ Εὐαγγελιστρίας γαλακτοπωλεῖον καὶ ζαχαροπλαστεῖον εὑρέθη βρωμερὸν, διὸ καὶ ἐπεβλήθη πρόστιμον.

Καταστρέψαμεν διάφορα μαγειρεῖα ἀκαθάρτων εἰδῶν.

Μαγειρεῖα. Ἅπαντα εὑρέθησαν ἐπαρκῶς καθαρισμένα.

ΤΑ ΕΘΝΙΚΑ ΖΗΤΗΜΑΤΑ
ΜΙΑ ΠΡΟΣΚΛΗΣΙΣ ΤΗΣ ΕΤΑΙΡΙΑΣ
ΤΟΥ «ΕΛΛΗΝΙΣΜΟΥ»

Ἀπευθύνει πρὸς πάντα τὰ τμήματα τῆς Ἑταιρίας «Ἑλληνισμὸς» ἀνὰ τὸν κόσμον τὴν ἀκόλουθον ἐγκύκλιον:

Οἱ συνεχεῖς διωγμοὶ, οἱ ὁποῖοι ὑφίστανται οἱ ἀδελφοὶ ἡμῶν ἐν Μακεδονίᾳ καὶ Θρᾴκῃ ἐπιβάλλουσι τὴν συνεργασίαν ὅλων τῶν Ἑλλήνων.

Τὸ Διοικητικὸν Συμβούλιον τῆς Ἑταιρίας καλεῖ ἅπαντας εἰς γενικὴν συνέλευσιν τὴν 27 Ἰουνίου 1906 ἐν τῷ καταστήματι αὐτῆς ὁδὸς Σταδίου 34.

Ἐπὶ τούτῳ ἀπευθύνεται πρόσκλησις πρὸς πάντας τοὺς ὁμογενεῖς.
